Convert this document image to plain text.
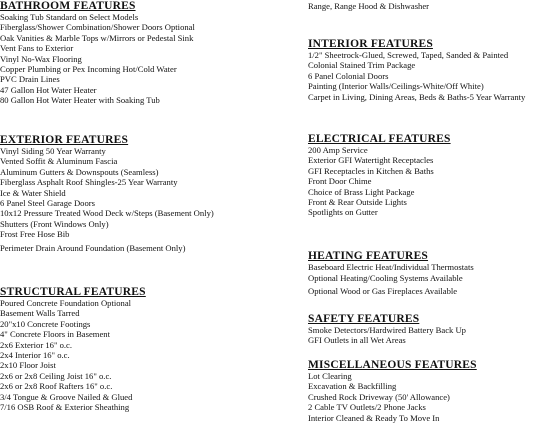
BATHROOM FEATURES
Soaking Tub Standard on Select Models
Fiberglass/Shower Combination/Shower Doors Optional
Oak Vanities & Marble Tops w/Mirrors or Pedestal Sink
Vent Fans to Exterior
Vinyl No-Wax Flooring
Copper Plumbing or Pex Incoming Hot/Cold Water
PVC Drain Lines
47 Gallon Hot Water Heater
80 Gallon Hot Water Heater with Soaking Tub
EXTERIOR FEATURES
Vinyl Siding 50 Year Warranty
Vented Soffit & Aluminum Fascia
Aluminum Gutters & Downspouts (Seamless)
Fiberglass Asphalt Roof Shingles-25 Year Warranty
Ice & Water Shield
6 Panel Steel Garage Doors
10x12 Pressure Treated Wood Deck w/Steps (Basement Only)
Shutters (Front Windows Only)
Frost Free Hose Bib
Perimeter Drain Around Foundation (Basement Only)
STRUCTURAL FEATURES
Poured Concrete Foundation Optional
Basement Walls Tarred
20"x10 Concrete Footings
4" Concrete Floors in Basement
2x6 Exterior 16" o.c.
2x4 Interior 16" o.c.
2x10 Floor Joist
2x6 or 2x8 Ceiling Joist 16" o.c.
2x6 or 2x8 Roof Rafters 16" o.c.
3/4 Tongue & Groove Nailed & Glued
7/16 OSB Roof & Exterior Sheathing
Range, Range Hood & Dishwasher
INTERIOR FEATURES
1/2" Sheetrock-Glued, Screwed, Taped, Sanded & Painted
Colonial Stained Trim Package
6 Panel Colonial Doors
Painting (Interior Walls/Ceilings-White/Off White)
Carpet in Living, Dining Areas, Beds & Baths-5 Year Warranty
ELECTRICAL FEATURES
200 Amp Service
Exterior GFI Watertight Receptacles
GFI Receptacles in Kitchen & Baths
Front Door Chime
Choice of Brass Light Package
Front & Rear Outside Lights
Spotlights on Gutter
HEATING FEATURES
Baseboard Electric Heat/Individual Thermostats
Optional Heating/Cooling Systems Available
Optional Wood or Gas Fireplaces Available
SAFETY FEATURES
Smoke Detectors/Hardwired Battery Back Up
GFI Outlets in all Wet Areas
MISCELLANEOUS FEATURES
Lot Clearing
Excavation & Backfilling
Crushed Rock Driveway (50' Allowance)
2 Cable TV Outlets/2 Phone Jacks
Interior Cleaned & Ready To Move In
